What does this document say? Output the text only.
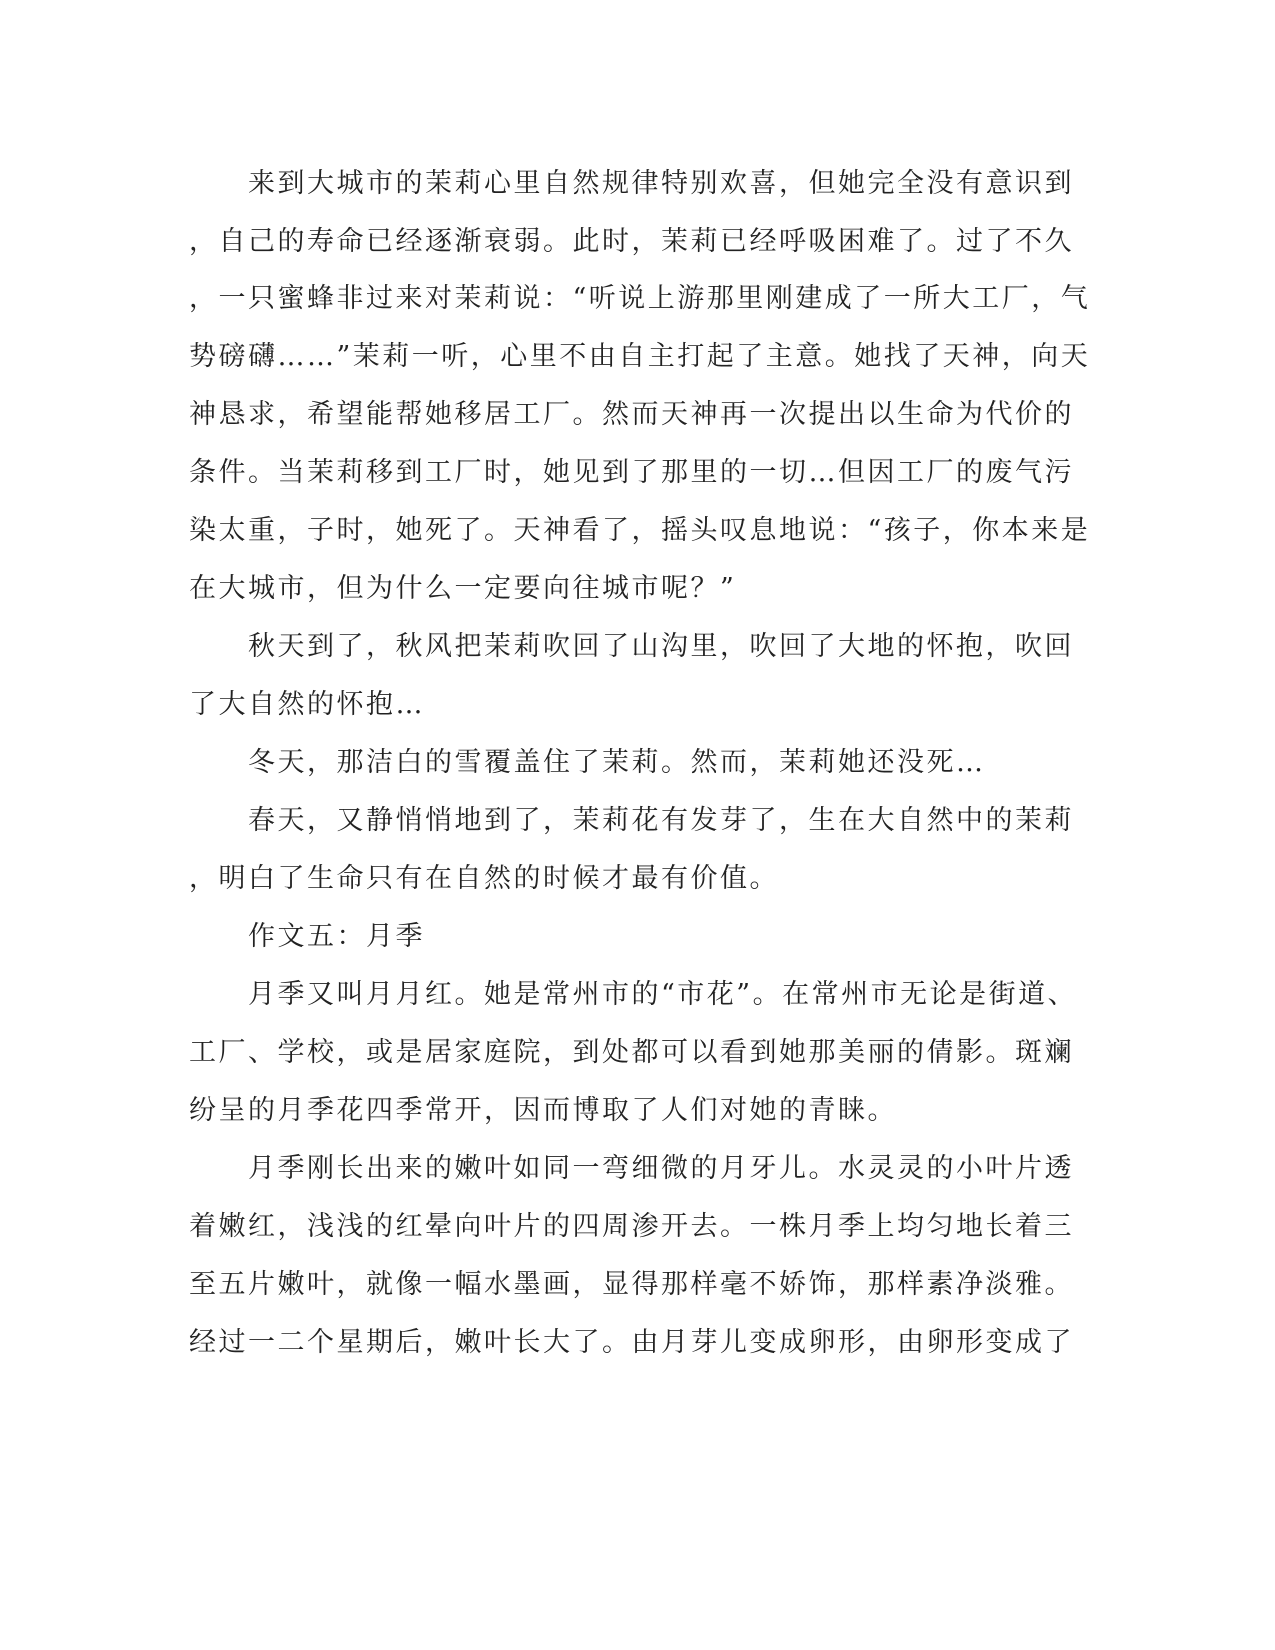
　　来到大城市的茉莉心里自然规律特别欢喜，但她完全没有意识到

，自己的寿命已经逐渐衰弱。此时，茉莉已经呼吸困难了。过了不久

，一只蜜蜂非过来对茉莉说：“听说上游那里刚建成了一所大工厂，气

势磅礴……”茉莉一听，心里不由自主打起了主意。她找了天神，向天

神恳求，希望能帮她移居工厂。然而天神再一次提出以生命为代价的

条件。当茉莉移到工厂时，她见到了那里的一切…但因工厂的废气污

染太重，子时，她死了。天神看了，摇头叹息地说：“孩子，你本来是

在大城市，但为什么一定要向往城市呢？”

　　秋天到了，秋风把茉莉吹回了山沟里，吹回了大地的怀抱，吹回

了大自然的怀抱…

　　冬天，那洁白的雪覆盖住了茉莉。然而，茉莉她还没死…

　　春天，又静悄悄地到了，茉莉花有发芽了，生在大自然中的茉莉

，明白了生命只有在自然的时候才最有价值。

　　作文五：月季

　　月季又叫月月红。她是常州市的“市花”。在常州市无论是街道、

工厂、学校，或是居家庭院，到处都可以看到她那美丽的倩影。斑斓

纷呈的月季花四季常开，因而博取了人们对她的青睐。

　　月季刚长出来的嫩叶如同一弯细微的月牙儿。水灵灵的小叶片透

着嫩红，浅浅的红晕向叶片的四周渗开去。一株月季上均匀地长着三

至五片嫩叶，就像一幅水墨画，显得那样毫不娇饰，那样素净淡雅。

经过一二个星期后，嫩叶长大了。由月芽儿变成卵形，由卵形变成了
